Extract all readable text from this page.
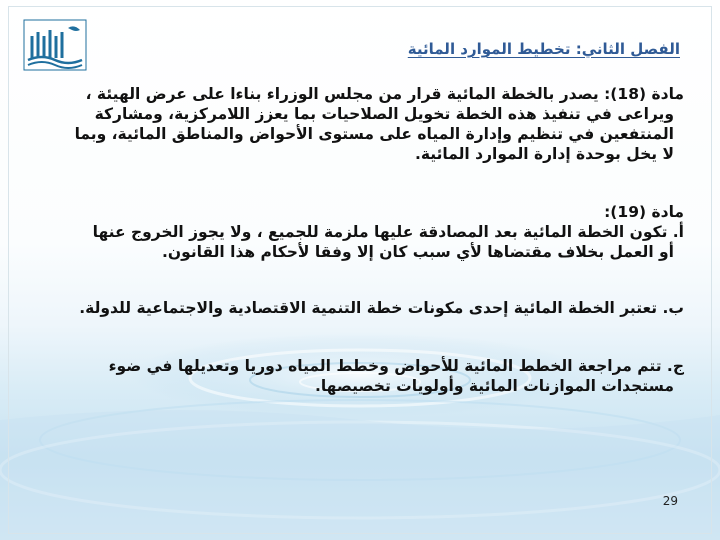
الفصل الثاني: تخطيط الموارد المائية

مادة (18): يصدر بالخطة المائية قرار من مجلس الوزراء بناءا على عرض الهيئة ،
ويراعى في تنفيذ هذه الخطة تخويل الصلاحيات بما يعزز اللامركزية، ومشاركة
المنتفعين في تنظيم وإدارة المياه على مستوى الأحواض والمناطق المائية، وبما
لا يخل بوحدة إدارة الموارد المائية.

مادة (19):
أ. تكون الخطة المائية بعد المصادقة عليها ملزمة للجميع ، ولا يجوز الخروج عنها
أو العمل بخلاف مقتضاها لأي سبب كان إلا وفقا لأحكام هذا القانون.

ب. تعتبر الخطة المائية إحدى مكونات خطة التنمية الاقتصادية والاجتماعية للدولة.

ج. تتم مراجعة الخطط المائية للأحواض وخطط المياه دوريا وتعديلها في ضوء
مستجدات الموازنات المائية وأولويات تخصيصها.

29
